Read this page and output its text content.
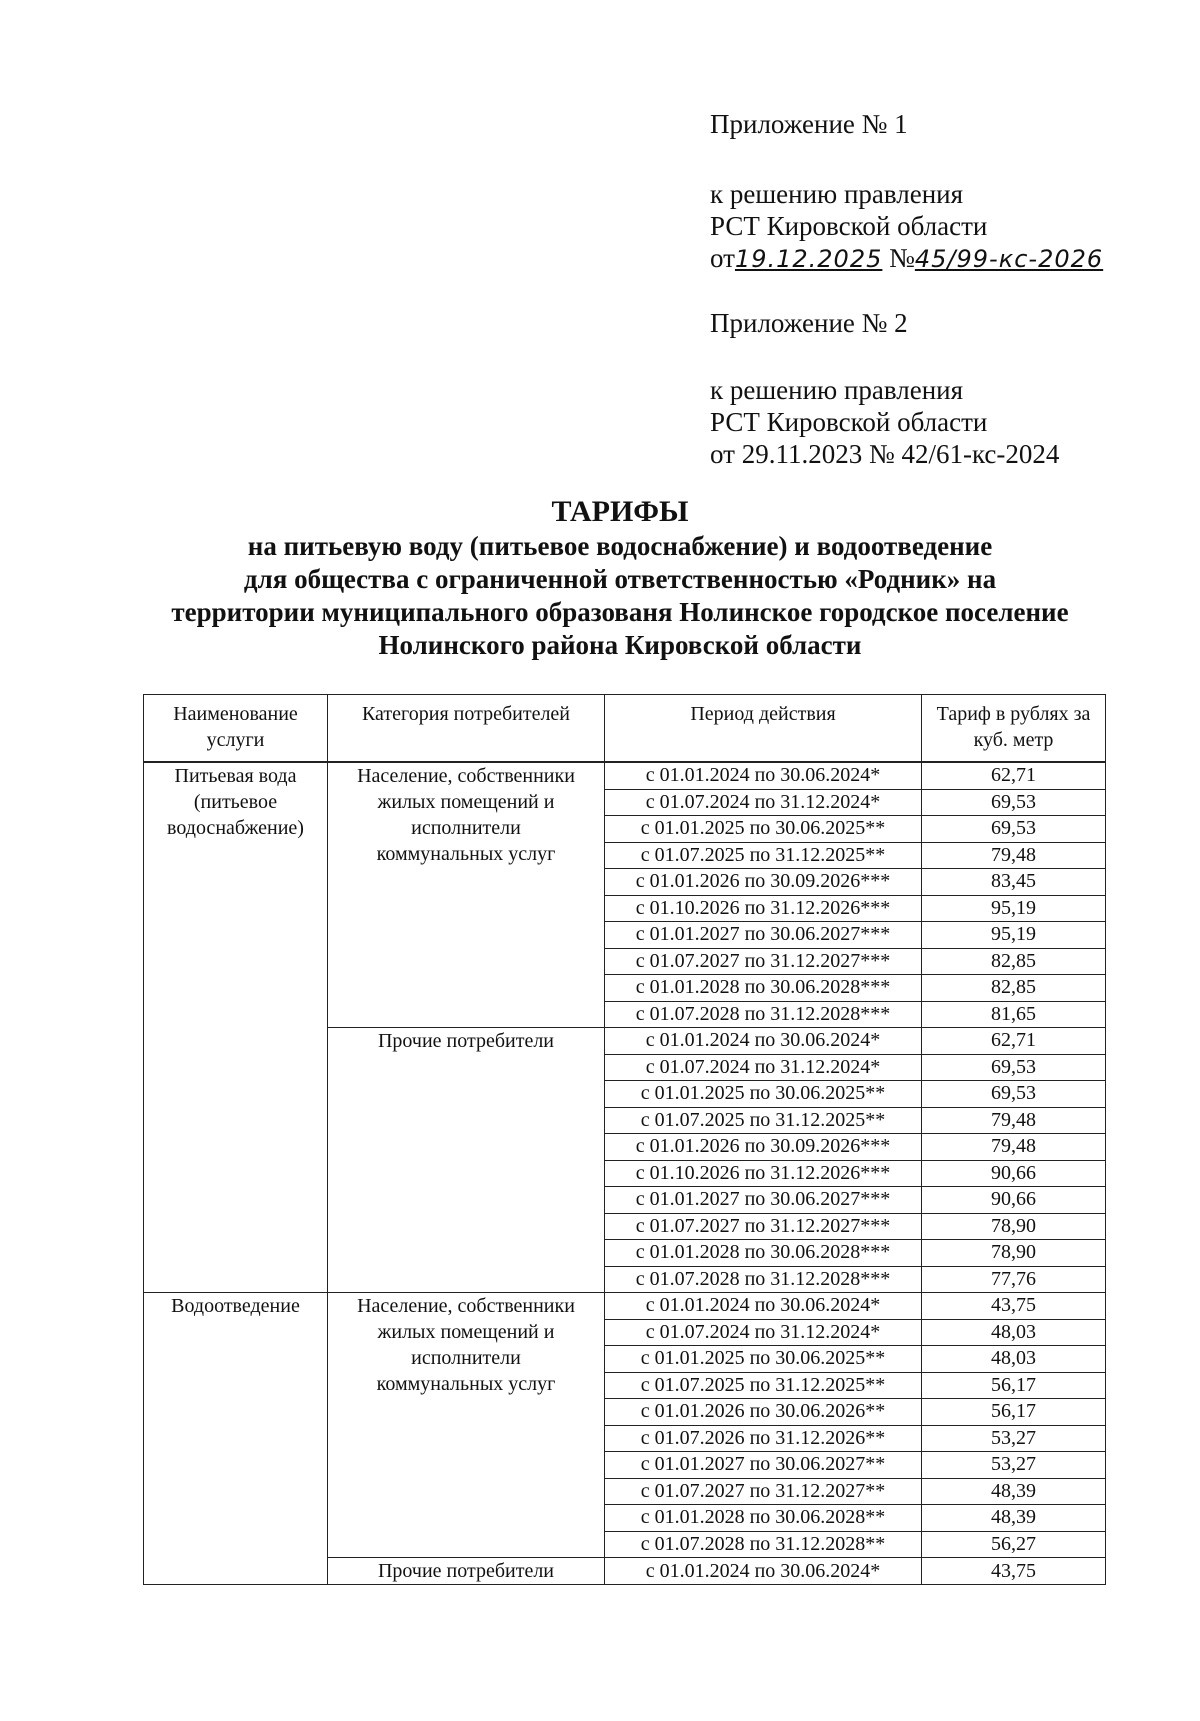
Приложение № 1
к решению правления
РСТ Кировской области
от19.12.2025 №45/99-кс-2026
Приложение № 2
к решению правления
РСТ Кировской области
от 29.11.2023 № 42/61-кс-2024
ТАРИФЫ
на питьевую воду (питьевое водоснабжение) и водоотведение
для общества с ограниченной ответственностью «Родник» на
территории муниципального образованя Нолинское городское поселение
Нолинского района Кировской области
Наименование
услуги	Категория потребителей	Период действия	Тариф в рублях за
куб. метр

Питьевая вода
(питьевое
водоснабжение)	Население, собственники
жилых помещений и
исполнители
коммунальных услуг	с 01.01.2024 по 30.06.2024*	62,71
		с 01.07.2024 по 31.12.2024*	69,53
		с 01.01.2025 по 30.06.2025**	69,53
		с 01.07.2025 по 31.12.2025**	79,48
		с 01.01.2026 по 30.09.2026***	83,45
		с 01.10.2026 по 31.12.2026***	95,19
		с 01.01.2027 по 30.06.2027***	95,19
		с 01.07.2027 по 31.12.2027***	82,85
		с 01.01.2028 по 30.06.2028***	82,85
		с 01.07.2028 по 31.12.2028***	81,65
	Прочие потребители	с 01.01.2024 по 30.06.2024*	62,71
		с 01.07.2024 по 31.12.2024*	69,53
		с 01.01.2025 по 30.06.2025**	69,53
		с 01.07.2025 по 31.12.2025**	79,48
		с 01.01.2026 по 30.09.2026***	79,48
		с 01.10.2026 по 31.12.2026***	90,66
		с 01.01.2027 по 30.06.2027***	90,66
		с 01.07.2027 по 31.12.2027***	78,90
		с 01.01.2028 по 30.06.2028***	78,90
		с 01.07.2028 по 31.12.2028***	77,76
Водоотведение	Население, собственники
жилых помещений и
исполнители
коммунальных услуг	с 01.01.2024 по 30.06.2024*	43,75
		с 01.07.2024 по 31.12.2024*	48,03
		с 01.01.2025 по 30.06.2025**	48,03
		с 01.07.2025 по 31.12.2025**	56,17
		с 01.01.2026 по 30.06.2026**	56,17
		с 01.07.2026 по 31.12.2026**	53,27
		с 01.01.2027 по 30.06.2027**	53,27
		с 01.07.2027 по 31.12.2027**	48,39
		с 01.01.2028 по 30.06.2028**	48,39
		с 01.07.2028 по 31.12.2028**	56,27
	Прочие потребители	с 01.01.2024 по 30.06.2024*	43,75
